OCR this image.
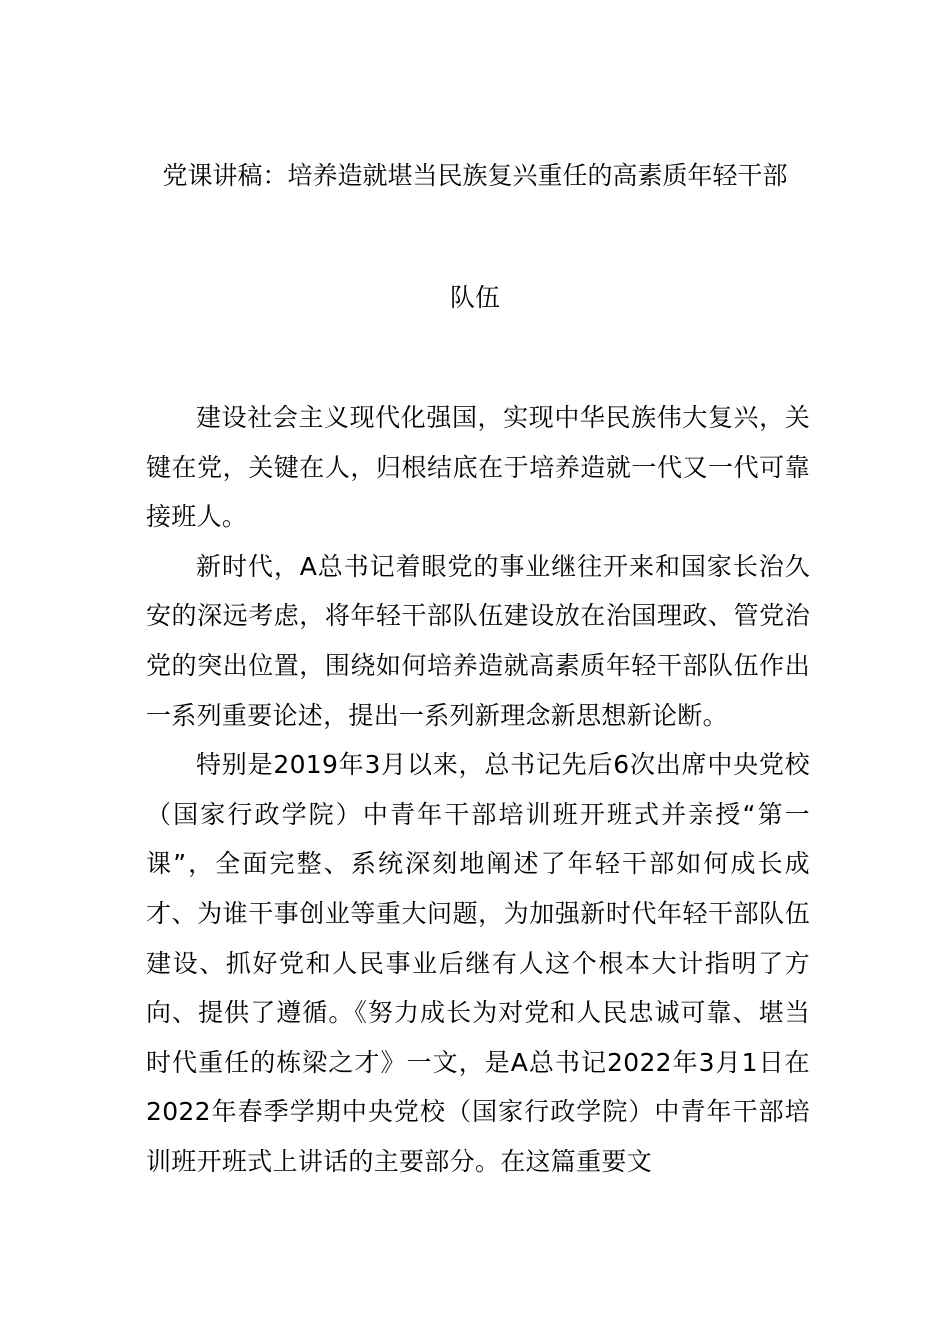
党课讲稿：培养造就堪当民族复兴重任的高素质年轻干部
队伍

建设社会主义现代化强国，实现中华民族伟大复兴，关键在党，关键在人，归根结底在于培养造就一代又一代可靠接班人。

新时代，A总书记着眼党的事业继往开来和国家长治久安的深远考虑，将年轻干部队伍建设放在治国理政、管党治党的突出位置，围绕如何培养造就高素质年轻干部队伍作出一系列重要论述，提出一系列新理念新思想新论断。

特别是2019年3月以来，总书记先后6次出席中央党校（国家行政学院）中青年干部培训班开班式并亲授“第一课”，全面完整、系统深刻地阐述了年轻干部如何成长成才、为谁干事创业等重大问题，为加强新时代年轻干部队伍建设、抓好党和人民事业后继有人这个根本大计指明了方向、提供了遵循。《努力成长为对党和人民忠诚可靠、堪当时代重任的栋梁之才》一文，是A总书记2022年3月1日在2022年春季学期中央党校（国家行政学院）中青年干部培训班开班式上讲话的主要部分。在这篇重要文
